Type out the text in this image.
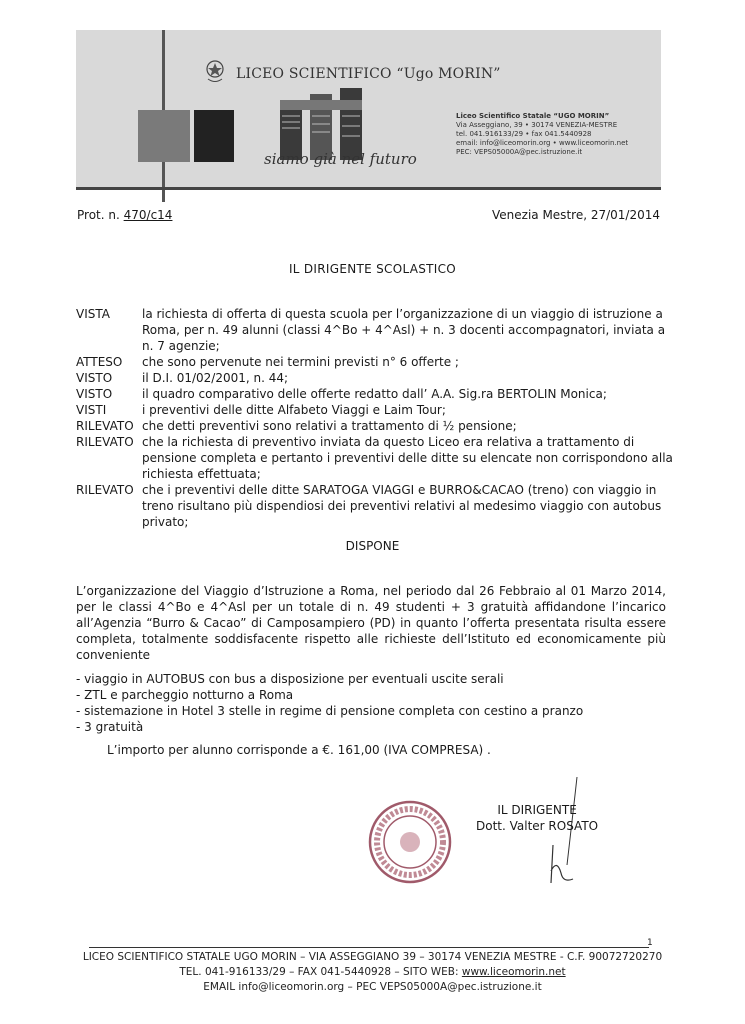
LICEO SCIENTIFICO “Ugo MORIN”
siamo già nel futuro
Liceo Scientifico Statale “UGO MORIN”
Via Asseggiano, 39 • 30174 VENEZIA-MESTRE
tel. 041.916133/29 • fax 041.5440928
email: info@liceomorin.org • www.liceomorin.net
PEC: VEPS05000A@pec.istruzione.it
Prot. n. 470/c14	Venezia Mestre, 27/01/2014
IL DIRIGENTE SCOLASTICO
VISTA	la richiesta di offerta di questa scuola per l’organizzazione di un viaggio di istruzione a Roma, per n. 49 alunni (classi 4^Bo + 4^Asl) + n. 3 docenti accompagnatori, inviata a n. 7 agenzie;
ATTESO	che sono pervenute nei termini previsti n° 6 offerte ;
VISTO	il D.I. 01/02/2001, n. 44;
VISTO	il quadro comparativo delle offerte redatto dall’ A.A. Sig.ra BERTOLIN Monica;
VISTI	i preventivi delle ditte Alfabeto Viaggi e Laim Tour;
RILEVATO che detti preventivi sono relativi a trattamento di ½ pensione;
RILEVATO che la richiesta di preventivo inviata da questo Liceo era relativa a trattamento di pensione completa e pertanto i preventivi delle ditte su elencate non corrispondono alla richiesta effettuata;
RILEVATO che i preventivi delle ditte SARATOGA VIAGGI e BURRO&CACAO (treno) con viaggio in treno risultano più dispendiosi dei preventivi relativi al medesimo viaggio con autobus privato;
DISPONE
L’organizzazione del Viaggio d’Istruzione a Roma, nel periodo dal 26 Febbraio al 01 Marzo 2014, per le classi 4^Bo e 4^Asl per un totale di n. 49 studenti + 3 gratuità affidandone l’incarico all’Agenzia “Burro & Cacao” di Camposampiero (PD) in quanto l’offerta presentata risulta essere completa, totalmente soddisfacente rispetto alle richieste dell’Istituto ed economicamente più conveniente
- viaggio in AUTOBUS con bus a disposizione per eventuali uscite serali
- ZTL e parcheggio notturno a Roma
- sistemazione in Hotel 3 stelle in regime di pensione completa con cestino a pranzo
- 3 gratuità
L’importo per alunno corrisponde a €. 161,00 (IVA COMPRESA) .
IL DIRIGENTE
Dott. Valter ROSATO
1
LICEO SCIENTIFICO STATALE UGO MORIN – VIA ASSEGGIANO 39 – 30174 VENEZIA MESTRE - C.F. 90072720270
TEL. 041-916133/29 – FAX 041-5440928 – SITO WEB: www.liceomorin.net
EMAIL info@liceomorin.org – PEC VEPS05000A@pec.istruzione.it
